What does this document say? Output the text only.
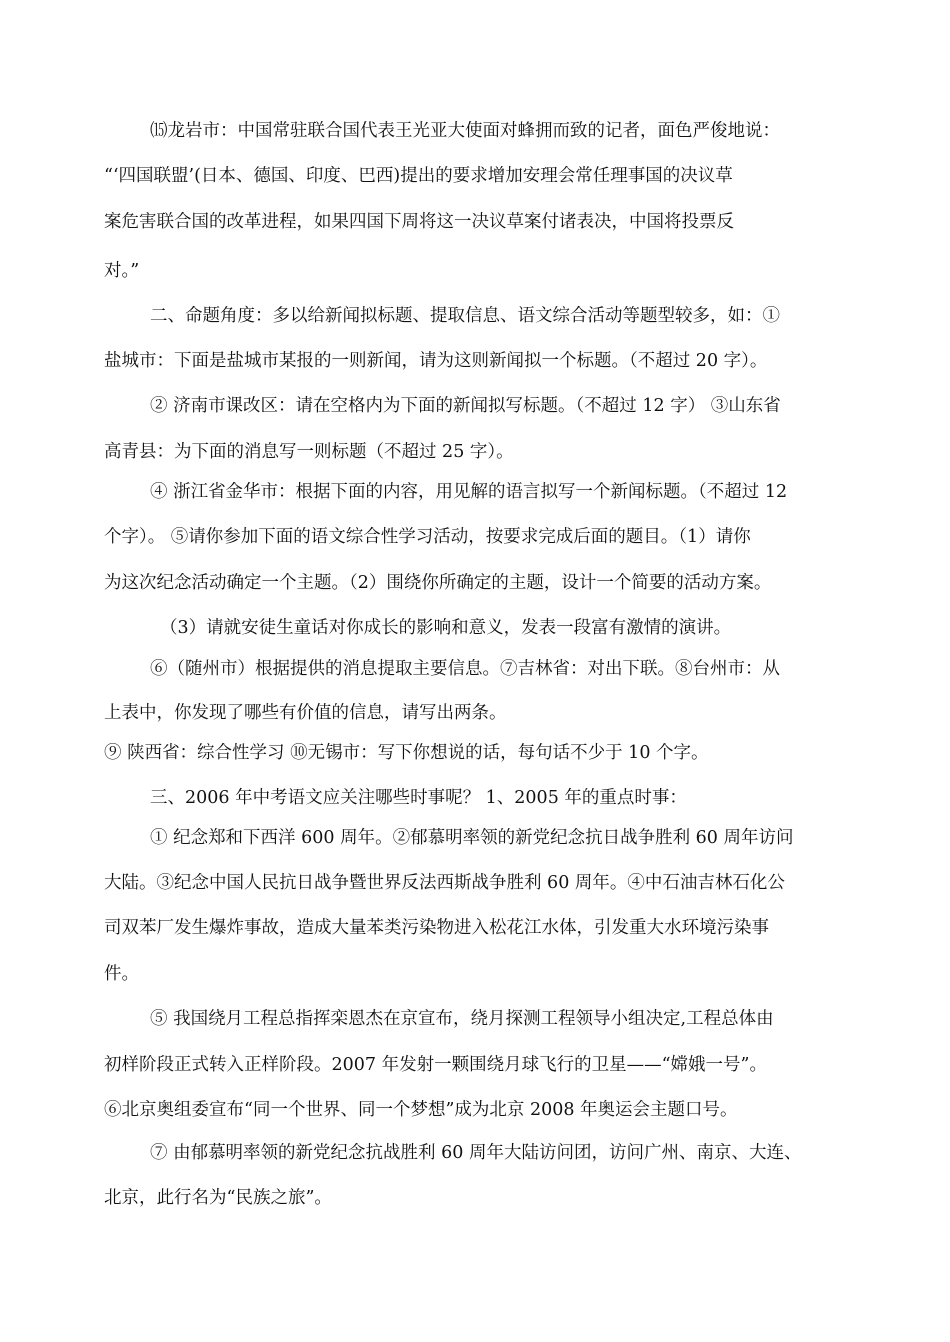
⒂龙岩市：中国常驻联合国代表王光亚大使面对蜂拥而致的记者，面色严俊地说：
“‘四国联盟’(日本、德国、印度、巴西)提出的要求增加安理会常任理事国的决议草
案危害联合国的改革进程，如果四国下周将这一决议草案付诸表决，中国将投票反
对。”
二、命题角度：多以给新闻拟标题、提取信息、语文综合活动等题型较多，如：①
盐城市：下面是盐城市某报的一则新闻，请为这则新闻拟一个标题。（不超过 20 字）。
② 济南市课改区：请在空格内为下面的新闻拟写标题。（不超过 12 字） ③山东省
高青县：为下面的消息写一则标题（不超过 25 字）。
④ 浙江省金华市：根据下面的内容，用见解的语言拟写一个新闻标题。（不超过 12
个字）。 ⑤请你参加下面的语文综合性学习活动，按要求完成后面的题目。（1）请你
为这次纪念活动确定一个主题。（2）围绕你所确定的主题，设计一个简要的活动方案。
（3）请就安徒生童话对你成长的影响和意义，发表一段富有激情的演讲。
⑥（随州市）根据提供的消息提取主要信息。⑦吉林省：对出下联。⑧台州市：从
上表中，你发现了哪些有价值的信息，请写出两条。
⑨ 陕西省：综合性学习 ⑩无锡市：写下你想说的话，每句话不少于 10 个字。
三、2006 年中考语文应关注哪些时事呢？ 1、2005 年的重点时事：
① 纪念郑和下西洋 600 周年。②郁慕明率领的新党纪念抗日战争胜利 60 周年访问
大陆。③纪念中国人民抗日战争暨世界反法西斯战争胜利 60 周年。④中石油吉林石化公
司双苯厂发生爆炸事故，造成大量苯类污染物进入松花江水体，引发重大水环境污染事
件。
⑤ 我国绕月工程总指挥栾恩杰在京宣布，绕月探测工程领导小组决定,工程总体由
初样阶段正式转入正样阶段。2007 年发射一颗围绕月球飞行的卫星——“嫦娥一号”。
⑥北京奥组委宣布“同一个世界、同一个梦想”成为北京 2008 年奥运会主题口号。
⑦ 由郁慕明率领的新党纪念抗战胜利 60 周年大陆访问团，访问广州、南京、大连、
北京，此行名为“民族之旅”。
